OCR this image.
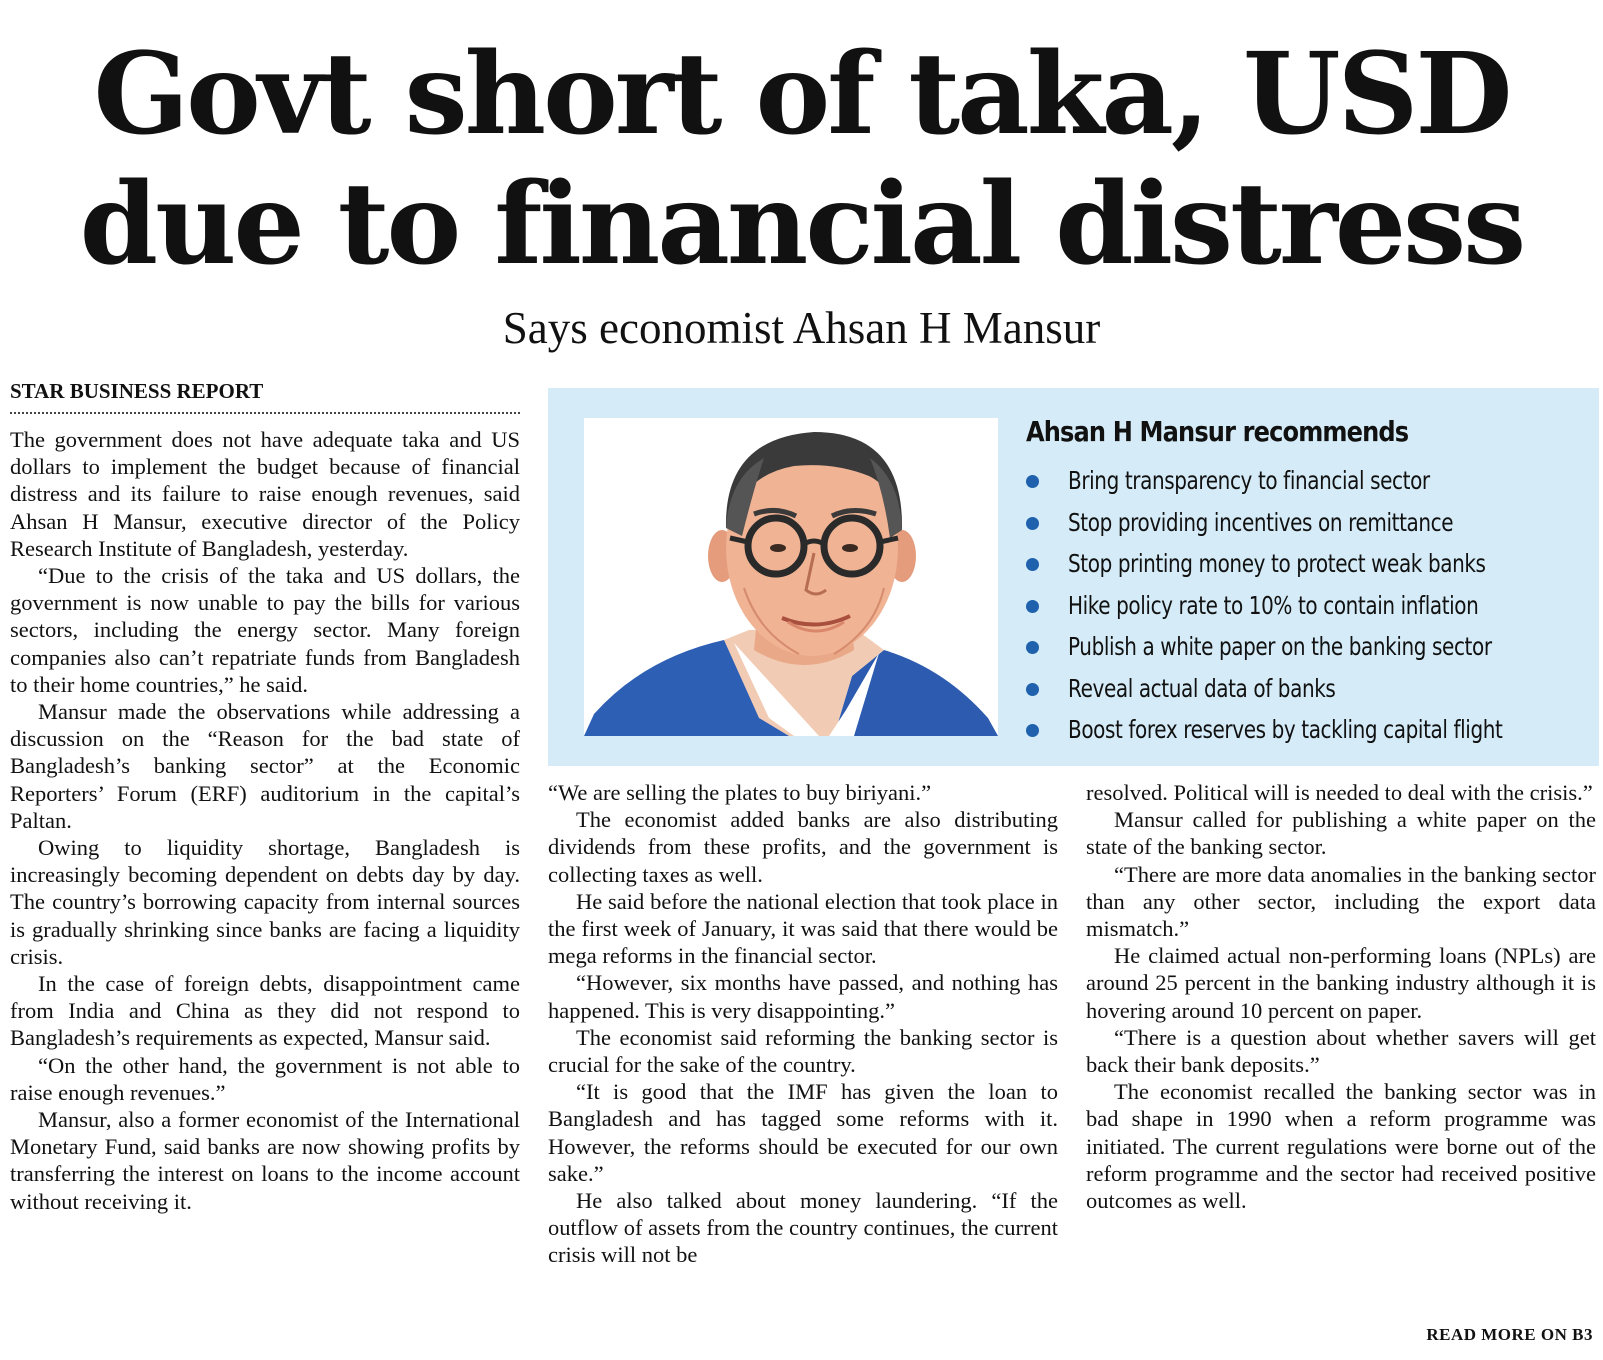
Govt short of taka, USD
due to financial distress
Says economist Ahsan H Mansur
STAR BUSINESS REPORT

The government does not have adequate taka and US dollars to implement the budget because of financial distress and its failure to raise enough revenues, said Ahsan H Mansur, executive director of the Policy Research Institute of Bangladesh, yesterday.

“Due to the crisis of the taka and US dollars, the government is now unable to pay the bills for various sectors, including the energy sector. Many foreign companies also can’t repatriate funds from Bangladesh to their home countries,” he said.

Mansur made the observations while addressing a discussion on the “Reason for the bad state of Bangladesh’s banking sector” at the Economic Reporters’ Forum (ERF) auditorium in the capital’s Paltan.

Owing to liquidity shortage, Bangladesh is increasingly becoming dependent on debts day by day. The country’s borrowing capacity from internal sources is gradually shrinking since banks are facing a liquidity crisis.

In the case of foreign debts, disappointment came from India and China as they did not respond to Bangladesh’s requirements as expected, Mansur said.

“On the other hand, the government is not able to raise enough revenues.”

Mansur, also a former economist of the International Monetary Fund, said banks are now showing profits by transferring the interest on loans to the income account without receiving it.

Ahsan H Mansur recommends
Bring transparency to financial sector
Stop providing incentives on remittance
Stop printing money to protect weak banks
Hike policy rate to 10% to contain inflation
Publish a white paper on the banking sector
Reveal actual data of banks
Boost forex reserves by tackling capital flight

“We are selling the plates to buy biriyani.”

The economist added banks are also distributing dividends from these profits, and the government is collecting taxes as well.

He said before the national election that took place in the first week of January, it was said that there would be mega reforms in the financial sector.

“However, six months have passed, and nothing has happened. This is very disappointing.”

The economist said reforming the banking sector is crucial for the sake of the country.

“It is good that the IMF has given the loan to Bangladesh and has tagged some reforms with it. However, the reforms should be executed for our own sake.”

He also talked about money laundering. “If the outflow of assets from the country continues, the current crisis will not be

resolved. Political will is needed to deal with the crisis.”

Mansur called for publishing a white paper on the state of the banking sector.

“There are more data anomalies in the banking sector than any other sector, including the export data mismatch.”

He claimed actual non-performing loans (NPLs) are around 25 percent in the banking industry although it is hovering around 10 percent on paper.

“There is a question about whether savers will get back their bank deposits.”

The economist recalled the banking sector was in bad shape in 1990 when a reform programme was initiated. The current regulations were borne out of the reform programme and the sector had received positive outcomes as well.

READ MORE ON B3
